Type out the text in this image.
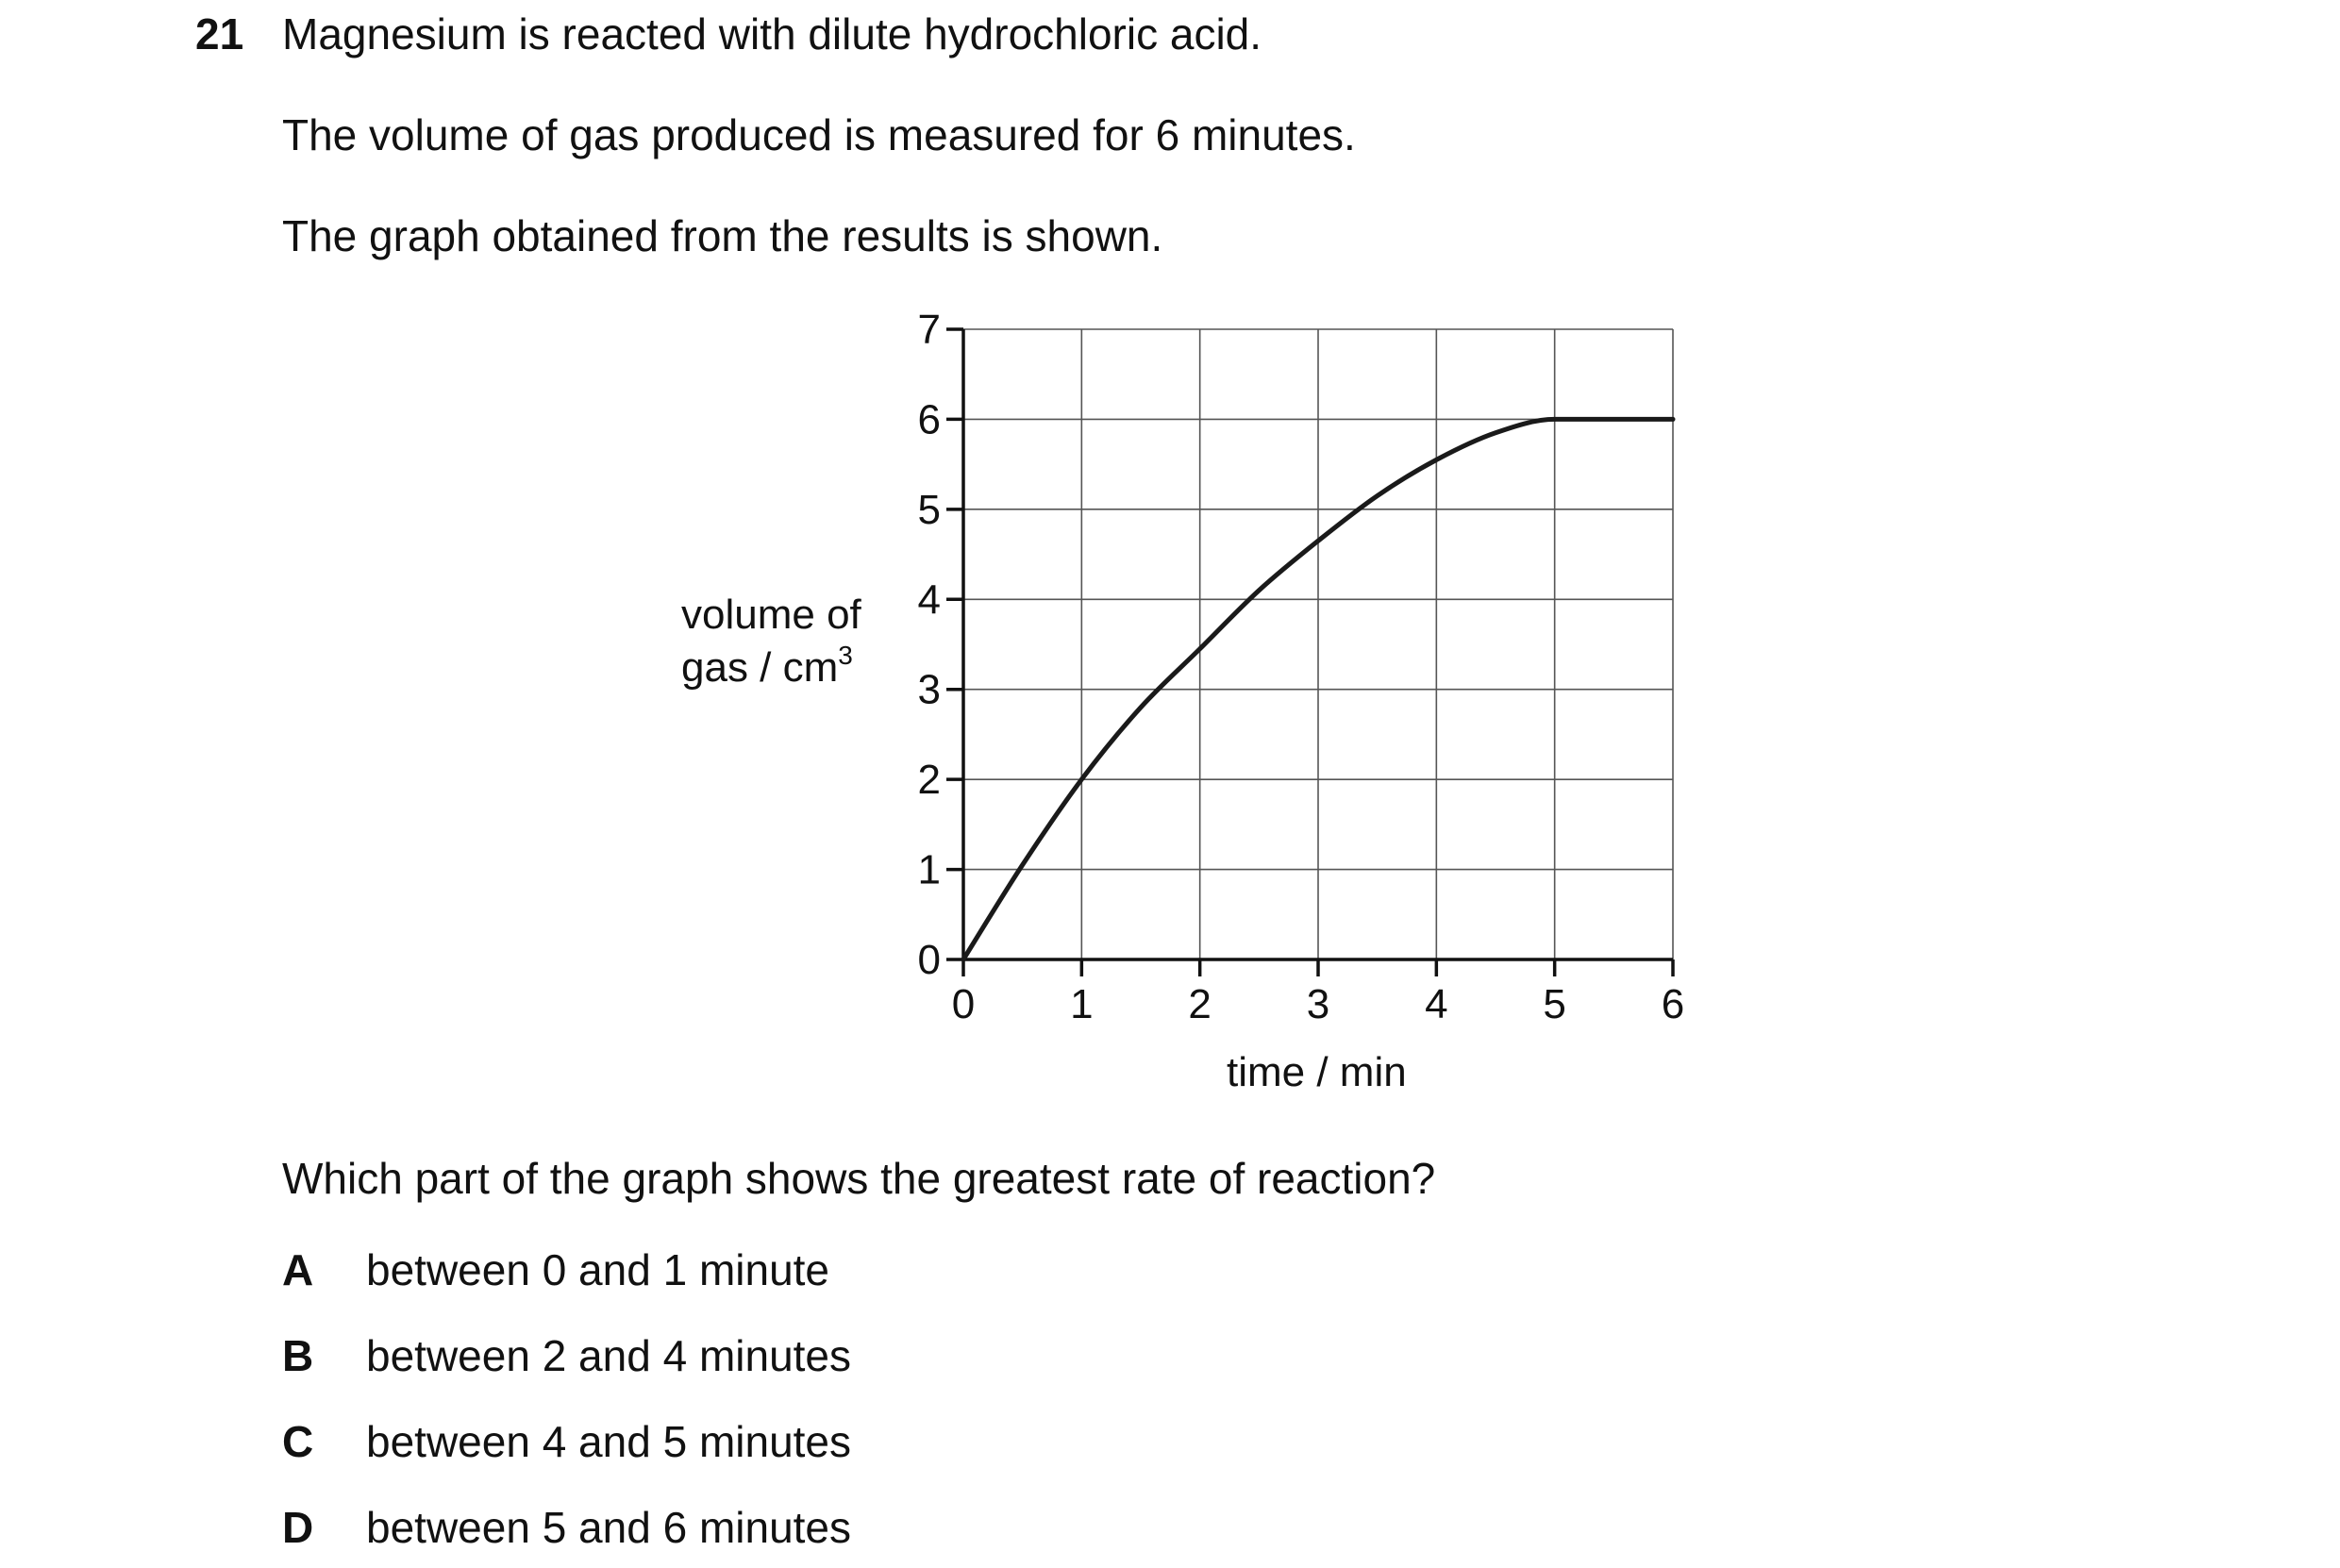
21 Magnesium is reacted with dilute hydrochloric acid.
The volume of gas produced is measured for 6 minutes.
The graph obtained from the results is shown.
0
1
2
3
4
5
6
7
0 1 2 3 4 5 6
volume of
gas / $cm^3$
time / min
Which part of the graph shows the greatest rate of reaction?
A between 0 and 1 minute
B between 2 and 4 minutes
C between 4 and 5 minutes
D between 5 and 6 minutes
